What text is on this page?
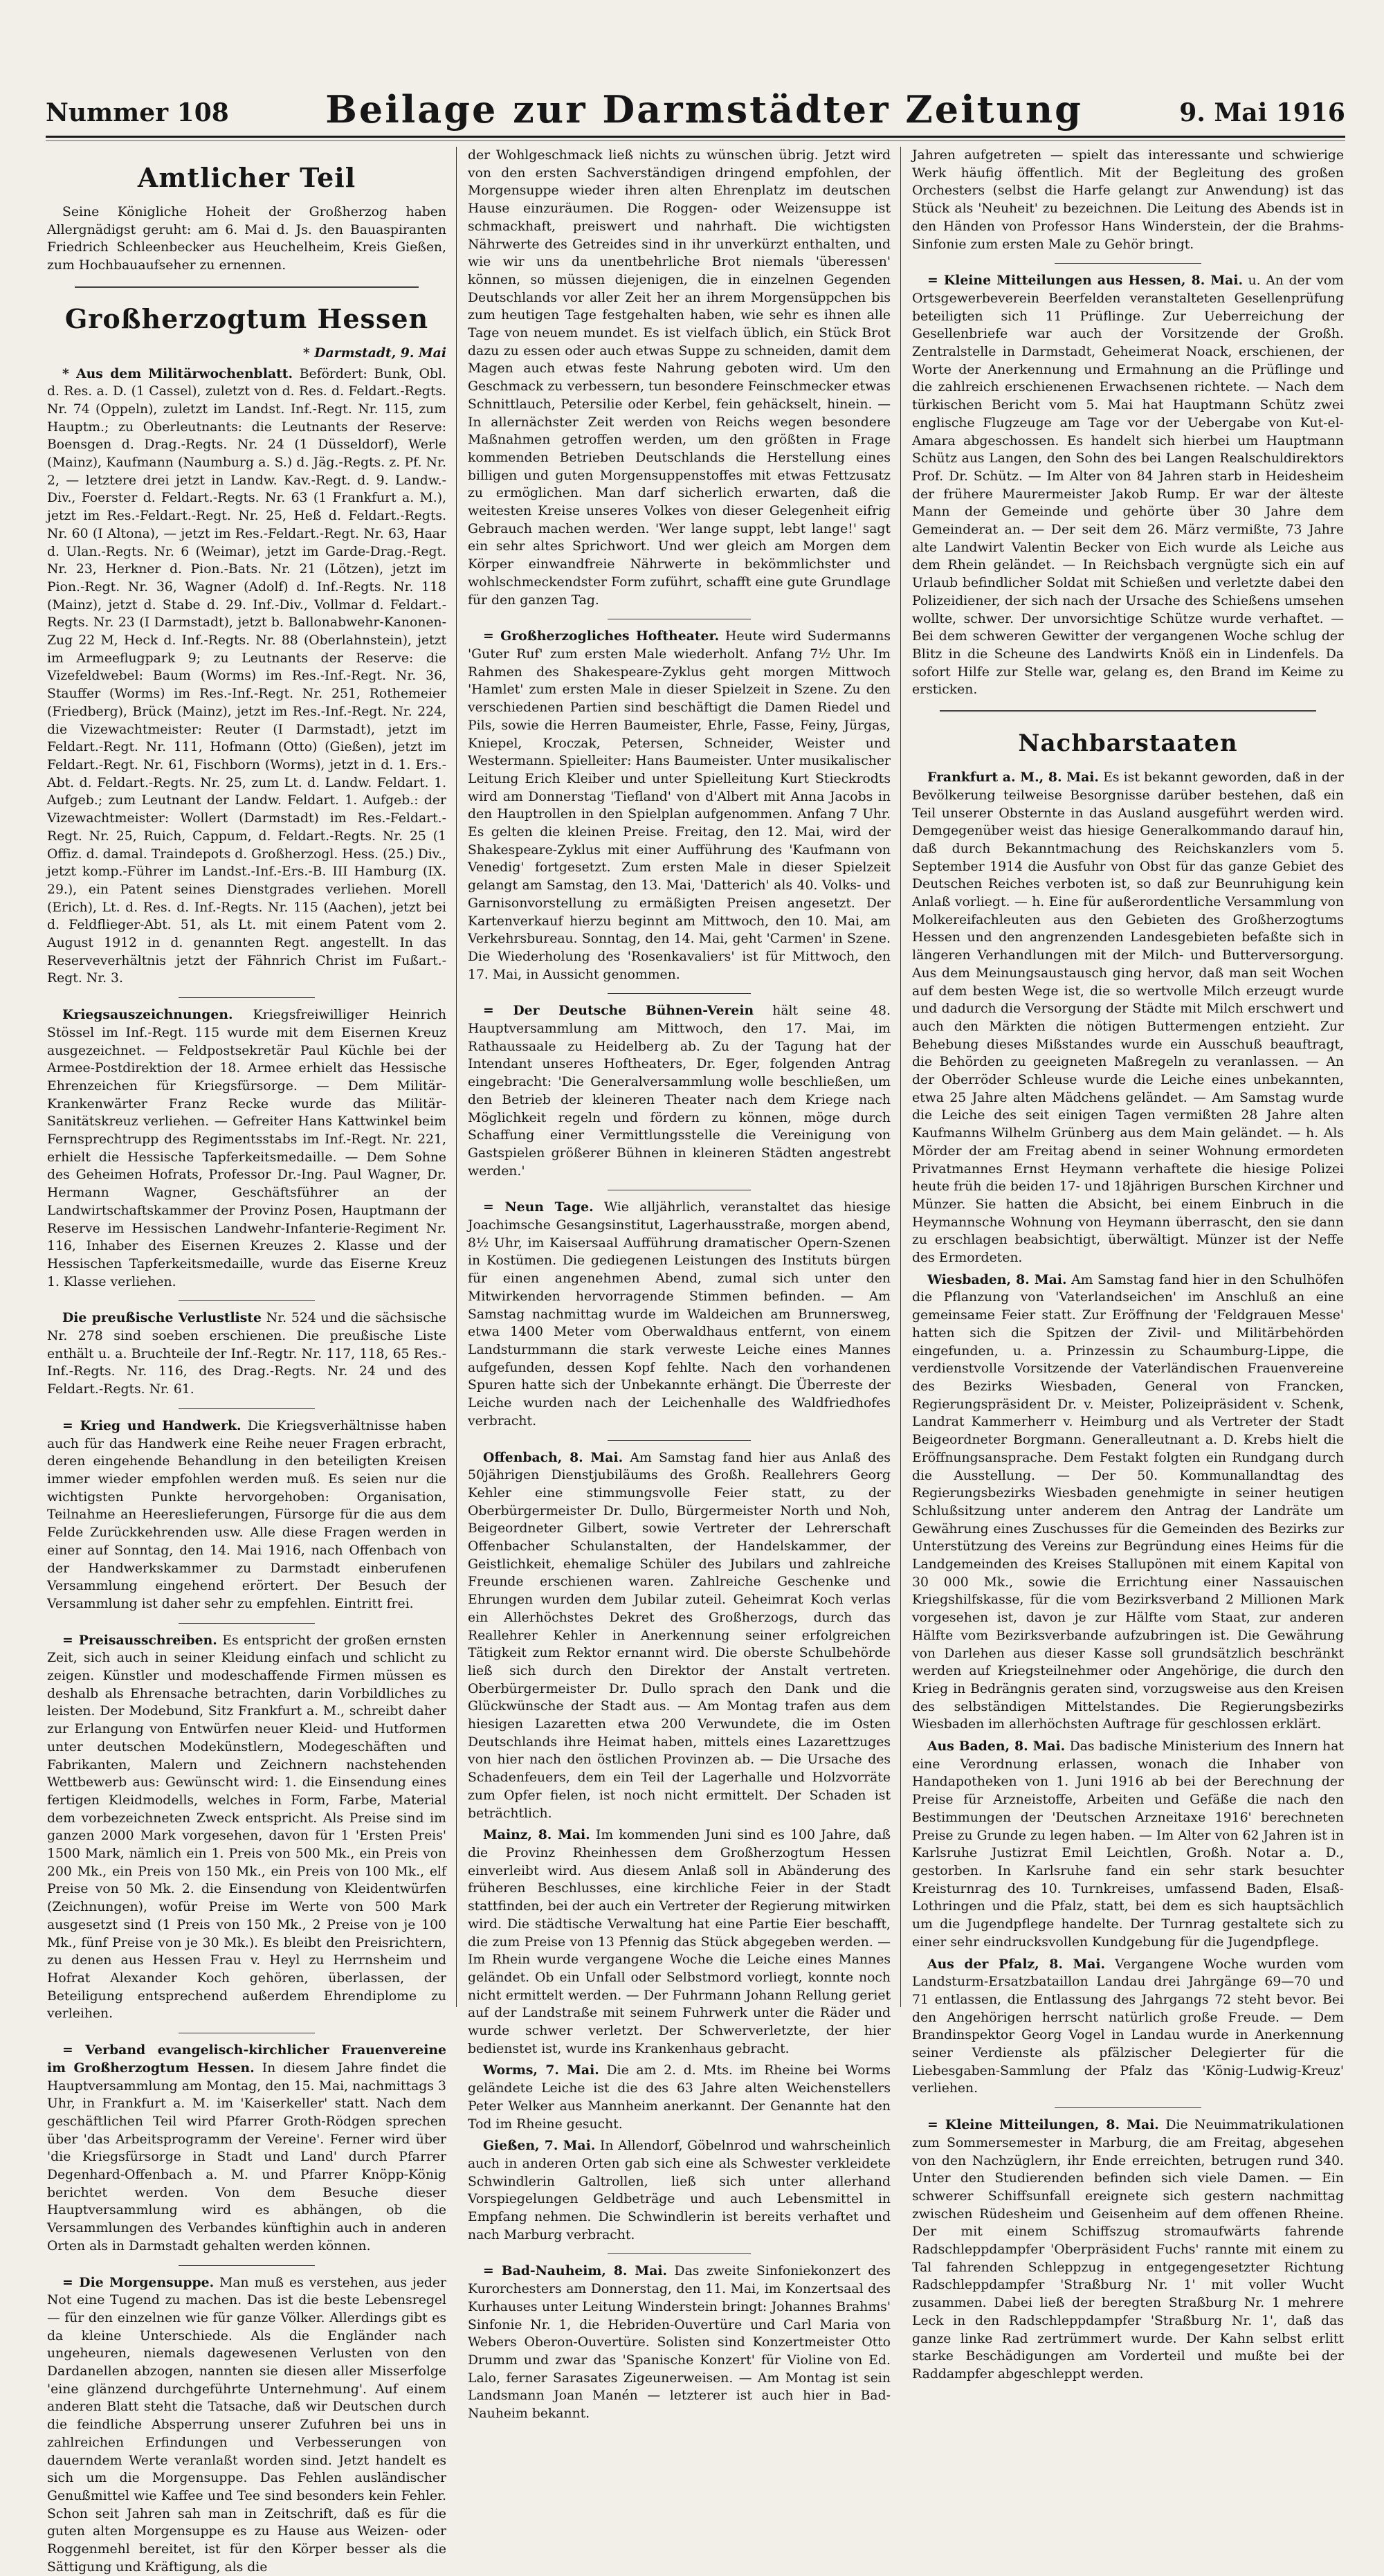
Nummer 108	Beilage zur Darmstädter Zeitung	9. Mai 1916
Amtlicher Teil

Seine Königliche Hoheit der Großherzog haben Allergnädigst geruht: am 6. Mai d. Js. den Bauaspiranten Friedrich Schleenbecker aus Heuchelheim, Kreis Gießen, zum Hochbauaufseher zu ernennen.

Großherzogtum Hessen
* Darmstadt, 9. Mai

* Aus dem Militärwochenblatt. Befördert: Bunk, Obl. d. Res. a. D. (1 Cassel), zuletzt von d. Res. d. Feldart.-Regts. Nr. 74 (Oppeln), zuletzt im Landst. Inf.-Regt. Nr. 115, zum Hauptm.; zu Oberleutnants: die Leutnants der Reserve: Boensgen d. Drag.-Regts. Nr. 24 (1 Düsseldorf), Werle (Mainz), Kaufmann (Naumburg a. S.) d. Jäg.-Regts. z. Pf. Nr. 2, — letztere drei jetzt in Landw. Kav.-Regt. d. 9. Landw.-Div., Foerster d. Feldart.-Regts. Nr. 63 (1 Frankfurt a. M.), jetzt im Res.-Feldart.-Regt. Nr. 25, Heß d. Feldart.-Regts. Nr. 60 (I Altona), — jetzt im Res.-Feldart.-Regt. Nr. 63, Haar d. Ulan.-Regts. Nr. 6 (Weimar), jetzt im Garde-Drag.-Regt. Nr. 23, Herkner d. Pion.-Bats. Nr. 21 (Lötzen), jetzt im Pion.-Regt. Nr. 36, Wagner (Adolf) d. Inf.-Regts. Nr. 118 (Mainz), jetzt d. Stabe d. 29. Inf.-Div., Vollmar d. Feldart.-Regts. Nr. 23 (I Darmstadt), jetzt b. Ballonabwehr-Kanonen-Zug 22 M, Heck d. Inf.-Regts. Nr. 88 (Oberlahnstein), jetzt im Armeeflugpark 9; zu Leutnants der Reserve: die Vizefeldwebel: Baum (Worms) im Res.-Inf.-Regt. Nr. 36, Stauffer (Worms) im Res.-Inf.-Regt. Nr. 251, Rothemeier (Friedberg), Brück (Mainz), jetzt im Res.-Inf.-Regt. Nr. 224, die Vizewachtmeister: Reuter (I Darmstadt), jetzt im Feldart.-Regt. Nr. 111, Hofmann (Otto) (Gießen), jetzt im Feldart.-Regt. Nr. 61, Fischborn (Worms), jetzt in d. 1. Ers.-Abt. d. Feldart.-Regts. Nr. 25, zum Lt. d. Landw. Feldart. 1. Aufgeb.; zum Leutnant der Landw. Feldart. 1. Aufgeb.: der Vizewachtmeister: Wollert (Darmstadt) im Res.-Feldart.-Regt. Nr. 25, Ruich, Cappum, d. Feldart.-Regts. Nr. 25 (1 Offiz. d. damal. Traindepots d. Großherzogl. Hess. (25.) Div., jetzt komp.-Führer im Landst.-Inf.-Ers.-B. III Hamburg (IX. 29.), ein Patent seines Dienstgrades verliehen. Morell (Erich), Lt. d. Res. d. Inf.-Regts. Nr. 115 (Aachen), jetzt bei d. Feldflieger-Abt. 51, als Lt. mit einem Patent vom 2. August 1912 in d. genannten Regt. angestellt. In das Reserveverhältnis jetzt der Fähnrich Christ im Fußart.-Regt. Nr. 3.

Kriegsauszeichnungen. Kriegsfreiwilliger Heinrich Stössel im Inf.-Regt. 115 wurde mit dem Eisernen Kreuz ausgezeichnet. — Feldpostsekretär Paul Küchle bei der Armee-Postdirektion der 18. Armee erhielt das Hessische Ehrenzeichen für Kriegsfürsorge. — Dem Militär-Krankenwärter Franz Recke wurde das Militär-Sanitätskreuz verliehen. — Gefreiter Hans Kattwinkel beim Fernsprechtrupp des Regimentsstabs im Inf.-Regt. Nr. 221, erhielt die Hessische Tapferkeitsmedaille. — Dem Sohne des Geheimen Hofrats, Professor Dr.-Ing. Paul Wagner, Dr. Hermann Wagner, Geschäftsführer an der Landwirtschaftskammer der Provinz Posen, Hauptmann der Reserve im Hessischen Landwehr-Infanterie-Regiment Nr. 116, Inhaber des Eisernen Kreuzes 2. Klasse und der Hessischen Tapferkeitsmedaille, wurde das Eiserne Kreuz 1. Klasse verliehen.

Die preußische Verlustliste Nr. 524 und die sächsische Nr. 278 sind soeben erschienen. Die preußische Liste enthält u. a. Bruchteile der Inf.-Regtr. Nr. 117, 118, 65 Res.-Inf.-Regts. Nr. 116, des Drag.-Regts. Nr. 24 und des Feldart.-Regts. Nr. 61.

= Krieg und Handwerk. Die Kriegsverhältnisse haben auch für das Handwerk eine Reihe neuer Fragen erbracht, deren eingehende Behandlung in den beteiligten Kreisen immer wieder empfohlen werden muß. Es seien nur die wichtigsten Punkte hervorgehoben: Organisation, Teilnahme an Heereslieferungen, Fürsorge für die aus dem Felde Zurückkehrenden usw. Alle diese Fragen werden in einer auf Sonntag, den 14. Mai 1916, nach Offenbach von der Handwerkskammer zu Darmstadt einberufenen Versammlung eingehend erörtert. Der Besuch der Versammlung ist daher sehr zu empfehlen. Eintritt frei.

= Preisausschreiben. Es entspricht der großen ernsten Zeit, sich auch in seiner Kleidung einfach und schlicht zu zeigen. Künstler und modeschaffende Firmen müssen es deshalb als Ehrensache betrachten, darin Vorbildliches zu leisten. Der Modebund, Sitz Frankfurt a. M., schreibt daher zur Erlangung von Entwürfen neuer Kleid- und Hutformen unter deutschen Modekünstlern, Modegeschäften und Fabrikanten, Malern und Zeichnern nachstehenden Wettbewerb aus: Gewünscht wird: 1. die Einsendung eines fertigen Kleidmodells, welches in Form, Farbe, Material dem vorbezeichneten Zweck entspricht. Als Preise sind im ganzen 2000 Mark vorgesehen, davon für 1 'Ersten Preis' 1500 Mark, nämlich ein 1. Preis von 500 Mk., ein Preis von 200 Mk., ein Preis von 150 Mk., ein Preis von 100 Mk., elf Preise von 50 Mk. 2. die Einsendung von Kleidentwürfen (Zeichnungen), wofür Preise im Werte von 500 Mark ausgesetzt sind (1 Preis von 150 Mk., 2 Preise von je 100 Mk., fünf Preise von je 30 Mk.). Es bleibt den Preisrichtern, zu denen aus Hessen Frau v. Heyl zu Herrnsheim und Hofrat Alexander Koch gehören, überlassen, der Beteiligung entsprechend außerdem Ehrendiplome zu verleihen.

= Verband evangelisch-kirchlicher Frauenvereine im Großherzogtum Hessen. In diesem Jahre findet die Hauptversammlung am Montag, den 15. Mai, nachmittags 3 Uhr, in Frankfurt a. M. im 'Kaiserkeller' statt. Nach dem geschäftlichen Teil wird Pfarrer Groth-Rödgen sprechen über 'das Arbeitsprogramm der Vereine'. Ferner wird über 'die Kriegsfürsorge in Stadt und Land' durch Pfarrer Degenhard-Offenbach a. M. und Pfarrer Knöpp-König berichtet werden. Von dem Besuche dieser Hauptversammlung wird es abhängen, ob die Versammlungen des Verbandes künftighin auch in anderen Orten als in Darmstadt gehalten werden können.

= Die Morgensuppe. Man muß es verstehen, aus jeder Not eine Tugend zu machen. Das ist die beste Lebensregel — für den einzelnen wie für ganze Völker. Allerdings gibt es da kleine Unterschiede. Als die Engländer nach ungeheuren, niemals dagewesenen Verlusten von den Dardanellen abzogen, nannten sie diesen aller Misserfolge 'eine glänzend durchgeführte Unternehmung'. Auf einem anderen Blatt steht die Tatsache, daß wir Deutschen durch die feindliche Absperrung unserer Zufuhren bei uns in zahlreichen Erfindungen und Verbesserungen von dauerndem Werte veranlaßt worden sind. Jetzt handelt es sich um die Morgensuppe. Das Fehlen ausländischer Genußmittel wie Kaffee und Tee sind besonders kein Fehler. Schon seit Jahren sah man in Zeitschrift, daß es für die guten alten Morgensuppe es zu Hause aus Weizen- oder Roggenmehl bereitet, ist für den Körper besser als die Sättigung und Kräftigung, als die

der Wohlgeschmack ließ nichts zu wünschen übrig. Jetzt wird von den ersten Sachverständigen dringend empfohlen, der Morgensuppe wieder ihren alten Ehrenplatz im deutschen Hause einzuräumen. Die Roggen- oder Weizensuppe ist schmackhaft, preiswert und nahrhaft. Die wichtigsten Nährwerte des Getreides sind in ihr unverkürzt enthalten, und wie wir uns da unentbehrliche Brot niemals 'überessen' können, so müssen diejenigen, die in einzelnen Gegenden Deutschlands vor aller Zeit her an ihrem Morgensüppchen bis zum heutigen Tage festgehalten haben, wie sehr es ihnen alle Tage von neuem mundet. Es ist vielfach üblich, ein Stück Brot dazu zu essen oder auch etwas Suppe zu schneiden, damit dem Magen auch etwas feste Nahrung geboten wird. Um den Geschmack zu verbessern, tun besondere Feinschmecker etwas Schnittlauch, Petersilie oder Kerbel, fein gehäckselt, hinein. — In allernächster Zeit werden von Reichs wegen besondere Maßnahmen getroffen werden, um den größten in Frage kommenden Betrieben Deutschlands die Herstellung eines billigen und guten Morgensuppenstoffes mit etwas Fettzusatz zu ermöglichen. Man darf sicherlich erwarten, daß die weitesten Kreise unseres Volkes von dieser Gelegenheit eifrig Gebrauch machen werden. 'Wer lange suppt, lebt lange!' sagt ein sehr altes Sprichwort. Und wer gleich am Morgen dem Körper einwandfreie Nährwerte in bekömmlichster und wohlschmeckendster Form zuführt, schafft eine gute Grundlage für den ganzen Tag.

= Großherzogliches Hoftheater. Heute wird Sudermanns 'Guter Ruf' zum ersten Male wiederholt. Anfang 7½ Uhr. Im Rahmen des Shakespeare-Zyklus geht morgen Mittwoch 'Hamlet' zum ersten Male in dieser Spielzeit in Szene. Zu den verschiedenen Partien sind beschäftigt die Damen Riedel und Pils, sowie die Herren Baumeister, Ehrle, Fasse, Feiny, Jürgas, Kniepel, Kroczak, Petersen, Schneider, Weister und Westermann. Spielleiter: Hans Baumeister. Unter musikalischer Leitung Erich Kleiber und unter Spielleitung Kurt Stieckrodts wird am Donnerstag 'Tiefland' von d'Albert mit Anna Jacobs in den Hauptrollen in den Spielplan aufgenommen. Anfang 7 Uhr. Es gelten die kleinen Preise. Freitag, den 12. Mai, wird der Shakespeare-Zyklus mit einer Aufführung des 'Kaufmann von Venedig' fortgesetzt. Zum ersten Male in dieser Spielzeit gelangt am Samstag, den 13. Mai, 'Datterich' als 40. Volks- und Garnisonvorstellung zu ermäßigten Preisen angesetzt. Der Kartenverkauf hierzu beginnt am Mittwoch, den 10. Mai, am Verkehrsbureau. Sonntag, den 14. Mai, geht 'Carmen' in Szene. Die Wiederholung des 'Rosenkavaliers' ist für Mittwoch, den 17. Mai, in Aussicht genommen.

= Der Deutsche Bühnen-Verein hält seine 48. Hauptversammlung am Mittwoch, den 17. Mai, im Rathaussaale zu Heidelberg ab. Zu der Tagung hat der Intendant unseres Hoftheaters, Dr. Eger, folgenden Antrag eingebracht: 'Die Generalversammlung wolle beschließen, um den Betrieb der kleineren Theater nach dem Kriege nach Möglichkeit regeln und fördern zu können, möge durch Schaffung einer Vermittlungsstelle die Vereinigung von Gastspielen größerer Bühnen in kleineren Städten angestrebt werden.'

= Neun Tage. Wie alljährlich, veranstaltet das hiesige Joachimsche Gesangsinstitut, Lagerhausstraße, morgen abend, 8½ Uhr, im Kaisersaal Aufführung dramatischer Opern-Szenen in Kostümen. Die gediegenen Leistungen des Instituts bürgen für einen angenehmen Abend, zumal sich unter den Mitwirkenden hervorragende Stimmen befinden. — Am Samstag nachmittag wurde im Waldeichen am Brunnersweg, etwa 1400 Meter vom Oberwaldhaus entfernt, von einem Landsturmmann die stark verweste Leiche eines Mannes aufgefunden, dessen Kopf fehlte. Nach den vorhandenen Spuren hatte sich der Unbekannte erhängt. Die Überreste der Leiche wurden nach der Leichenhalle des Waldfriedhofes verbracht.

Offenbach, 8. Mai. Am Samstag fand hier aus Anlaß des 50jährigen Dienstjubiläums des Großh. Reallehrers Georg Kehler eine stimmungsvolle Feier statt, zu der Oberbürgermeister Dr. Dullo, Bürgermeister North und Noh, Beigeordneter Gilbert, sowie Vertreter der Lehrerschaft Offenbacher Schulanstalten, der Handelskammer, der Geistlichkeit, ehemalige Schüler des Jubilars und zahlreiche Freunde erschienen waren. Zahlreiche Geschenke und Ehrungen wurden dem Jubilar zuteil. Geheimrat Koch verlas ein Allerhöchstes Dekret des Großherzogs, durch das Reallehrer Kehler in Anerkennung seiner erfolgreichen Tätigkeit zum Rektor ernannt wird. Die oberste Schulbehörde ließ sich durch den Direktor der Anstalt vertreten. Oberbürgermeister Dr. Dullo sprach den Dank und die Glückwünsche der Stadt aus. — Am Montag trafen aus dem hiesigen Lazaretten etwa 200 Verwundete, die im Osten Deutschlands ihre Heimat haben, mittels eines Lazarettzuges von hier nach den östlichen Provinzen ab. — Die Ursache des Schadenfeuers, dem ein Teil der Lagerhalle und Holzvorräte zum Opfer fielen, ist noch nicht ermittelt. Der Schaden ist beträchtlich.

Mainz, 8. Mai. Im kommenden Juni sind es 100 Jahre, daß die Provinz Rheinhessen dem Großherzogtum Hessen einverleibt wird. Aus diesem Anlaß soll in Abänderung des früheren Beschlusses, eine kirchliche Feier in der Stadt stattfinden, bei der auch ein Vertreter der Regierung mitwirken wird. Die städtische Verwaltung hat eine Partie Eier beschafft, die zum Preise von 13 Pfennig das Stück abgegeben werden. — Im Rhein wurde vergangene Woche die Leiche eines Mannes geländet. Ob ein Unfall oder Selbstmord vorliegt, konnte noch nicht ermittelt werden. — Der Fuhrmann Johann Rellung geriet auf der Landstraße mit seinem Fuhrwerk unter die Räder und wurde schwer verletzt. Der Schwerverletzte, der hier bedienstet ist, wurde ins Krankenhaus gebracht.

Worms, 7. Mai. Die am 2. d. Mts. im Rheine bei Worms geländete Leiche ist die des 63 Jahre alten Weichenstellers Peter Welker aus Mannheim anerkannt. Der Genannte hat den Tod im Rheine gesucht.

Gießen, 7. Mai. In Allendorf, Göbelnrod und wahrscheinlich auch in anderen Orten gab sich eine als Schwester verkleidete Schwindlerin Galtrollen, ließ sich unter allerhand Vorspiegelungen Geldbeträge und auch Lebensmittel in Empfang nehmen. Die Schwindlerin ist bereits verhaftet und nach Marburg verbracht.

= Bad-Nauheim, 8. Mai. Das zweite Sinfoniekonzert des Kurorchesters am Donnerstag, den 11. Mai, im Konzertsaal des Kurhauses unter Leitung Winderstein bringt: Johannes Brahms' Sinfonie Nr. 1, die Hebriden-Ouvertüre und Carl Maria von Webers Oberon-Ouvertüre. Solisten sind Konzertmeister Otto Drumm und zwar das 'Spanische Konzert' für Violine von Ed. Lalo, ferner Sarasates Zigeunerweisen. — Am Montag ist sein Landsmann Joan Manén — letzterer ist auch hier in Bad-Nauheim bekannt.

Jahren aufgetreten — spielt das interessante und schwierige Werk häufig öffentlich. Mit der Begleitung des großen Orchesters (selbst die Harfe gelangt zur Anwendung) ist das Stück als 'Neuheit' zu bezeichnen. Die Leitung des Abends ist in den Händen von Professor Hans Winderstein, der die Brahms-Sinfonie zum ersten Male zu Gehör bringt.

= Kleine Mitteilungen aus Hessen, 8. Mai. u. An der vom Ortsgewerbeverein Beerfelden veranstalteten Gesellenprüfung beteiligten sich 11 Prüflinge. Zur Ueberreichung der Gesellenbriefe war auch der Vorsitzende der Großh. Zentralstelle in Darmstadt, Geheimerat Noack, erschienen, der Worte der Anerkennung und Ermahnung an die Prüflinge und die zahlreich erschienenen Erwachsenen richtete. — Nach dem türkischen Bericht vom 5. Mai hat Hauptmann Schütz zwei englische Flugzeuge am Tage vor der Uebergabe von Kut-el-Amara abgeschossen. Es handelt sich hierbei um Hauptmann Schütz aus Langen, den Sohn des bei Langen Realschuldirektors Prof. Dr. Schütz. — Im Alter von 84 Jahren starb in Heidesheim der frühere Maurermeister Jakob Rump. Er war der älteste Mann der Gemeinde und gehörte über 30 Jahre dem Gemeinderat an. — Der seit dem 26. März vermißte, 73 Jahre alte Landwirt Valentin Becker von Eich wurde als Leiche aus dem Rhein geländet. — In Reichsbach vergnügte sich ein auf Urlaub befindlicher Soldat mit Schießen und verletzte dabei den Polizeidiener, der sich nach der Ursache des Schießens umsehen wollte, schwer. Der unvorsichtige Schütze wurde verhaftet. — Bei dem schweren Gewitter der vergangenen Woche schlug der Blitz in die Scheune des Landwirts Knöß ein in Lindenfels. Da sofort Hilfe zur Stelle war, gelang es, den Brand im Keime zu ersticken.

Nachbarstaaten

Frankfurt a. M., 8. Mai. Es ist bekannt geworden, daß in der Bevölkerung teilweise Besorgnisse darüber bestehen, daß ein Teil unserer Obsternte in das Ausland ausgeführt werden wird. Demgegenüber weist das hiesige Generalkommando darauf hin, daß durch Bekanntmachung des Reichskanzlers vom 5. September 1914 die Ausfuhr von Obst für das ganze Gebiet des Deutschen Reiches verboten ist, so daß zur Beunruhigung kein Anlaß vorliegt. — h. Eine für außerordentliche Versammlung von Molkereifachleuten aus den Gebieten des Großherzogtums Hessen und den angrenzenden Landesgebieten befaßte sich in längeren Verhandlungen mit der Milch- und Butterversorgung. Aus dem Meinungsaustausch ging hervor, daß man seit Wochen auf dem besten Wege ist, die so wertvolle Milch erzeugt wurde und dadurch die Versorgung der Städte mit Milch erschwert und auch den Märkten die nötigen Buttermengen entzieht. Zur Behebung dieses Mißstandes wurde ein Ausschuß beauftragt, die Behörden zu geeigneten Maßregeln zu veranlassen. — An der Oberröder Schleuse wurde die Leiche eines unbekannten, etwa 25 Jahre alten Mädchens geländet. — Am Samstag wurde die Leiche des seit einigen Tagen vermißten 28 Jahre alten Kaufmanns Wilhelm Grünberg aus dem Main geländet. — h. Als Mörder der am Freitag abend in seiner Wohnung ermordeten Privatmannes Ernst Heymann verhaftete die hiesige Polizei heute früh die beiden 17- und 18jährigen Burschen Kirchner und Münzer. Sie hatten die Absicht, bei einem Einbruch in die Heymannsche Wohnung von Heymann überrascht, den sie dann zu erschlagen beabsichtigt, überwältigt. Münzer ist der Neffe des Ermordeten.

Wiesbaden, 8. Mai. Am Samstag fand hier in den Schulhöfen die Pflanzung von 'Vaterlandseichen' im Anschluß an eine gemeinsame Feier statt. Zur Eröffnung der 'Feldgrauen Messe' hatten sich die Spitzen der Zivil- und Militärbehörden eingefunden, u. a. Prinzessin zu Schaumburg-Lippe, die verdienstvolle Vorsitzende der Vaterländischen Frauenvereine des Bezirks Wiesbaden, General von Francken, Regierungspräsident Dr. v. Meister, Polizeipräsident v. Schenk, Landrat Kammerherr v. Heimburg und als Vertreter der Stadt Beigeordneter Borgmann. Generalleutnant a. D. Krebs hielt die Eröffnungsansprache. Dem Festakt folgten ein Rundgang durch die Ausstellung. — Der 50. Kommunallandtag des Regierungsbezirks Wiesbaden genehmigte in seiner heutigen Schlußsitzung unter anderem den Antrag der Landräte um Gewährung eines Zuschusses für die Gemeinden des Bezirks zur Unterstützung des Vereins zur Begründung eines Heims für die Landgemeinden des Kreises Stallupönen mit einem Kapital von 30 000 Mk., sowie die Errichtung einer Nassauischen Kriegshilfskasse, für die vom Bezirksverband 2 Millionen Mark vorgesehen ist, davon je zur Hälfte vom Staat, zur anderen Hälfte vom Bezirksverbande aufzubringen ist. Die Gewährung von Darlehen aus dieser Kasse soll grundsätzlich beschränkt werden auf Kriegsteilnehmer oder Angehörige, die durch den Krieg in Bedrängnis geraten sind, vorzugsweise aus den Kreisen des selbständigen Mittelstandes. Die Regierungsbezirks Wiesbaden im allerhöchsten Auftrage für geschlossen erklärt.

Aus Baden, 8. Mai. Das badische Ministerium des Innern hat eine Verordnung erlassen, wonach die Inhaber von Handapotheken von 1. Juni 1916 ab bei der Berechnung der Preise für Arzneistoffe, Arbeiten und Gefäße die nach den Bestimmungen der 'Deutschen Arzneitaxe 1916' berechneten Preise zu Grunde zu legen haben. — Im Alter von 62 Jahren ist in Karlsruhe Justizrat Emil Leichtlen, Großh. Notar a. D., gestorben. In Karlsruhe fand ein sehr stark besuchter Kreisturnrag des 10. Turnkreises, umfassend Baden, Elsaß-Lothringen und die Pfalz, statt, bei dem es sich hauptsächlich um die Jugendpflege handelte. Der Turnrag gestaltete sich zu einer sehr eindrucksvollen Kundgebung für die Jugendpflege.

Aus der Pfalz, 8. Mai. Vergangene Woche wurden vom Landsturm-Ersatzbataillon Landau drei Jahrgänge 69—70 und 71 entlassen, die Entlassung des Jahrgangs 72 steht bevor. Bei den Angehörigen herrscht natürlich große Freude. — Dem Brandinspektor Georg Vogel in Landau wurde in Anerkennung seiner Verdienste als pfälzischer Delegierter für die Liebesgaben-Sammlung der Pfalz das 'König-Ludwig-Kreuz' verliehen.

= Kleine Mitteilungen, 8. Mai. Die Neuimmatrikulationen zum Sommersemester in Marburg, die am Freitag, abgesehen von den Nachzüglern, ihr Ende erreichten, betrugen rund 340. Unter den Studierenden befinden sich viele Damen. — Ein schwerer Schiffsunfall ereignete sich gestern nachmittag zwischen Rüdesheim und Geisenheim auf dem offenen Rheine. Der mit einem Schiffszug stromaufwärts fahrende Radschleppdampfer 'Oberpräsident Fuchs' rannte mit einem zu Tal fahrenden Schleppzug in entgegengesetzter Richtung Radschleppdampfer 'Straßburg Nr. 1' mit voller Wucht zusammen. Dabei ließ der beregten Straßburg Nr. 1 mehrere Leck in den Radschleppdampfer 'Straßburg Nr. 1', daß das ganze linke Rad zertrümmert wurde. Der Kahn selbst erlitt starke Beschädigungen am Vorderteil und mußte bei der Raddampfer abgeschleppt werden.
